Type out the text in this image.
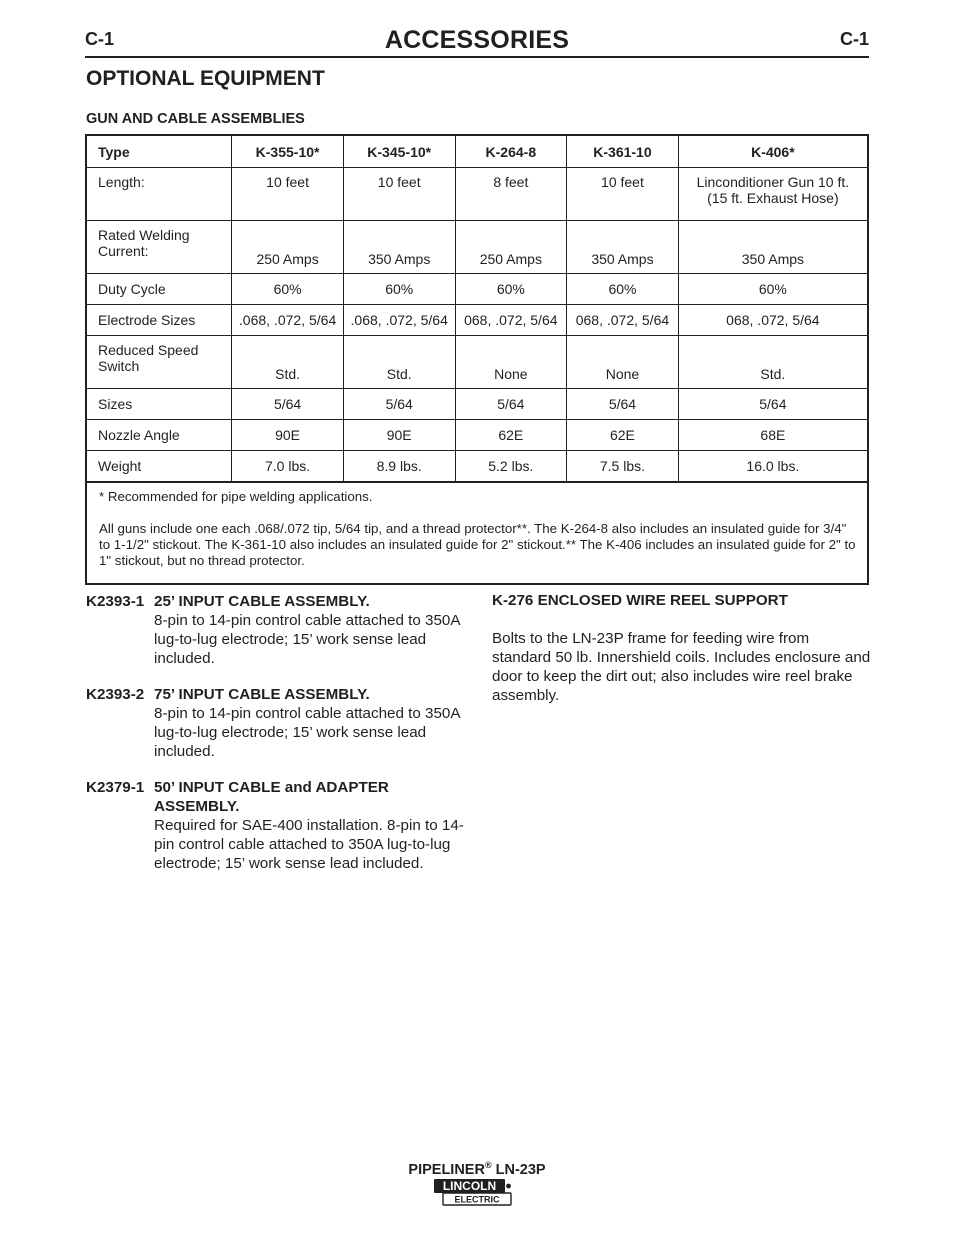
C-1	ACCESSORIES	C-1
OPTIONAL EQUIPMENT
GUN AND CABLE ASSEMBLIES
Type	K-355-10*	K-345-10*	K-264-8	K-361-10	K-406*
Length:	10 feet	10 feet	8 feet	10 feet	Linconditioner Gun 10 ft. (15 ft. Exhaust Hose)
Rated Welding Current:	250 Amps	350 Amps	250 Amps	350 Amps	350 Amps
Duty Cycle	60%	60%	60%	60%	60%
Electrode Sizes	.068, .072, 5/64	.068, .072, 5/64	068, .072, 5/64	068, .072, 5/64	068, .072, 5/64
Reduced Speed Switch	Std.	Std.	None	None	Std.
Sizes	5/64	5/64	5/64	5/64	5/64
Nozzle Angle	90E	90E	62E	62E	68E
Weight	7.0 lbs.	8.9 lbs.	5.2 lbs.	7.5 lbs.	16.0 lbs.

* Recommended for pipe welding applications.

All guns include one each .068/.072 tip, 5/64 tip, and a thread protector**. The K-264-8 also includes an insulated guide for 3/4" to 1-1/2" stickout. The K-361-10 also includes an insulated guide for 2" stickout.** The K-406 includes an insulated guide for 2" to 1" stickout, but no thread protector.					

K2393-1 25’ INPUT CABLE ASSEMBLY.
8-pin to 14-pin control cable attached to 350A lug-to-lug electrode; 15’ work sense lead included.
K2393-2 75’ INPUT CABLE ASSEMBLY.
8-pin to 14-pin control cable attached to 350A lug-to-lug electrode; 15’ work sense lead included.
K2379-1 50’ INPUT CABLE and ADAPTER ASSEMBLY.
Required for SAE-400 installation. 8-pin to 14-pin control cable attached to 350A lug-to-lug electrode; 15’ work sense lead included.
K-276 ENCLOSED WIRE REEL SUPPORT
Bolts to the LN-23P frame for feeding wire from standard 50 lb. Innershield coils. Includes enclosure and door to keep the dirt out; also includes wire reel brake assembly.
PIPELINER® LN-23P
LINCOLN
ELECTRIC
